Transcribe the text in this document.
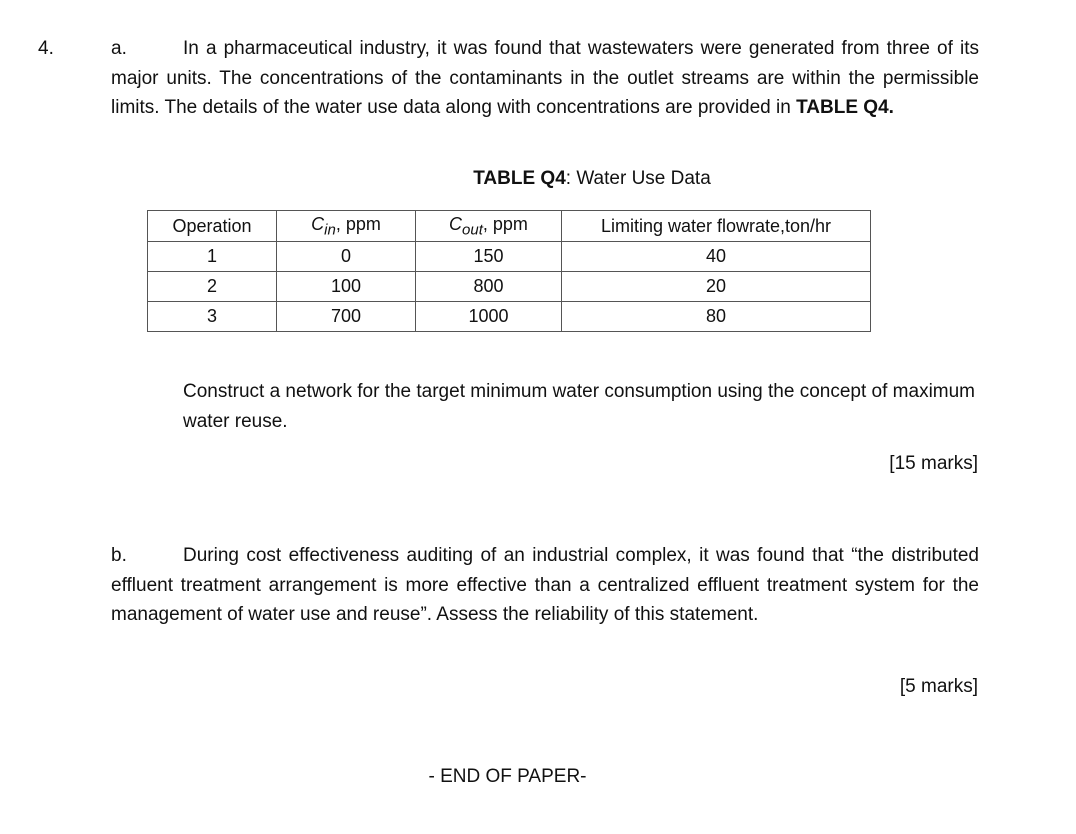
4.	a.	In a pharmaceutical industry, it was found that wastewaters were generated from three of its major units. The concentrations of the contaminants in the outlet streams are within the permissible limits. The details of the water use data along with concentrations are provided in TABLE Q4.
TABLE Q4: Water Use Data
Operation	$C_{in}$, ppm	$C_{out}$, ppm	Limiting water flowrate,ton/hr
1	0	150	40
2	100	800	20
3	700	1000	80
Construct a network for the target minimum water consumption using the concept of maximum water reuse.
[15 marks]
b.	During cost effectiveness auditing of an industrial complex, it was found that “the distributed effluent treatment arrangement is more effective than a centralized effluent treatment system for the management of water use and reuse”. Assess the reliability of this statement.
[5 marks]
- END OF PAPER-
